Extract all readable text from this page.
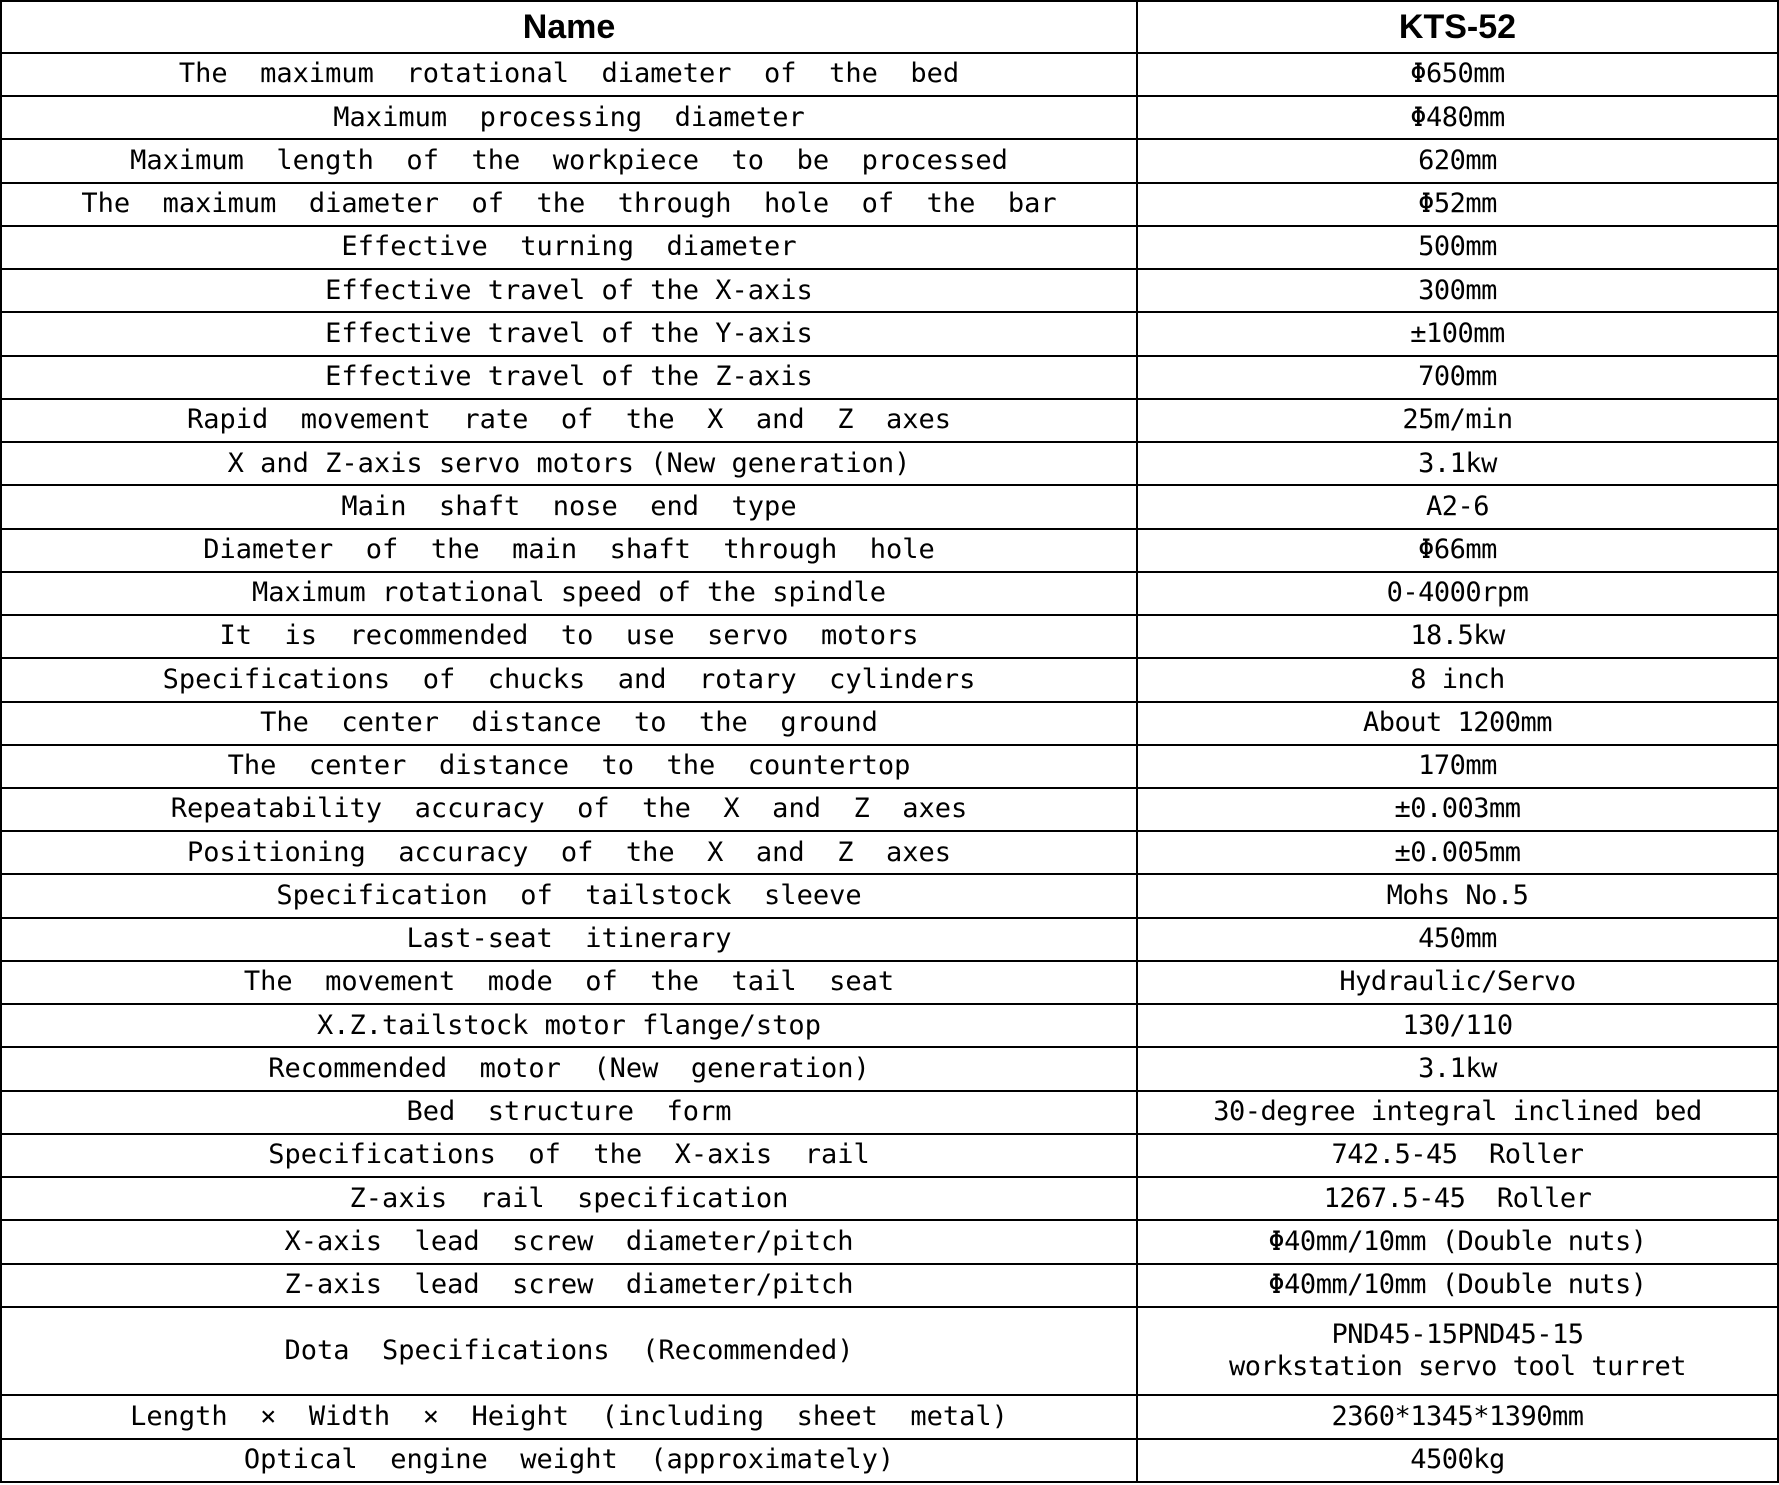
Name	KTS-52
The  maximum  rotational  diameter  of  the  bed	Φ650mm
Maximum  processing  diameter	Φ480mm
Maximum  length  of  the  workpiece  to  be  processed	620mm
The  maximum  diameter  of  the  through  hole  of  the  bar	Φ52mm
Effective  turning  diameter	500mm
Effective travel of the X-axis	300mm
Effective travel of the Y-axis	±100mm
Effective travel of the Z-axis	700mm
Rapid  movement  rate  of  the  X  and  Z  axes	25m/min
X and Z-axis servo motors (New generation)	3.1kw
Main  shaft  nose  end  type	A2-6
Diameter  of  the  main  shaft  through  hole	Φ66mm
Maximum rotational speed of the spindle	0-4000rpm
It  is  recommended  to  use  servo  motors	18.5kw
Specifications  of  chucks  and  rotary  cylinders	8 inch
The  center  distance  to  the  ground	About 1200mm
The  center  distance  to  the  countertop	170mm
Repeatability  accuracy  of  the  X  and  Z  axes	±0.003mm
Positioning  accuracy  of  the  X  and  Z  axes	±0.005mm
Specification  of  tailstock  sleeve	Mohs No.5
Last-seat  itinerary	450mm
The  movement  mode  of  the  tail  seat	Hydraulic/Servo
X.Z.tailstock motor flange/stop	130/110
Recommended  motor  (New  generation)	3.1kw
Bed  structure  form	30-degree integral inclined bed
Specifications  of  the  X-axis  rail	742.5-45  Roller
Z-axis  rail  specification	1267.5-45  Roller
X-axis  lead  screw  diameter/pitch	Φ40mm/10mm (Double nuts)
Z-axis  lead  screw  diameter/pitch	Φ40mm/10mm (Double nuts)
Dota  Specifications  (Recommended)	PND45-15PND45-15
workstation servo tool turret
Length  ×  Width  ×  Height  (including  sheet  metal)	2360*1345*1390mm
Optical  engine  weight  (approximately)	4500kg
